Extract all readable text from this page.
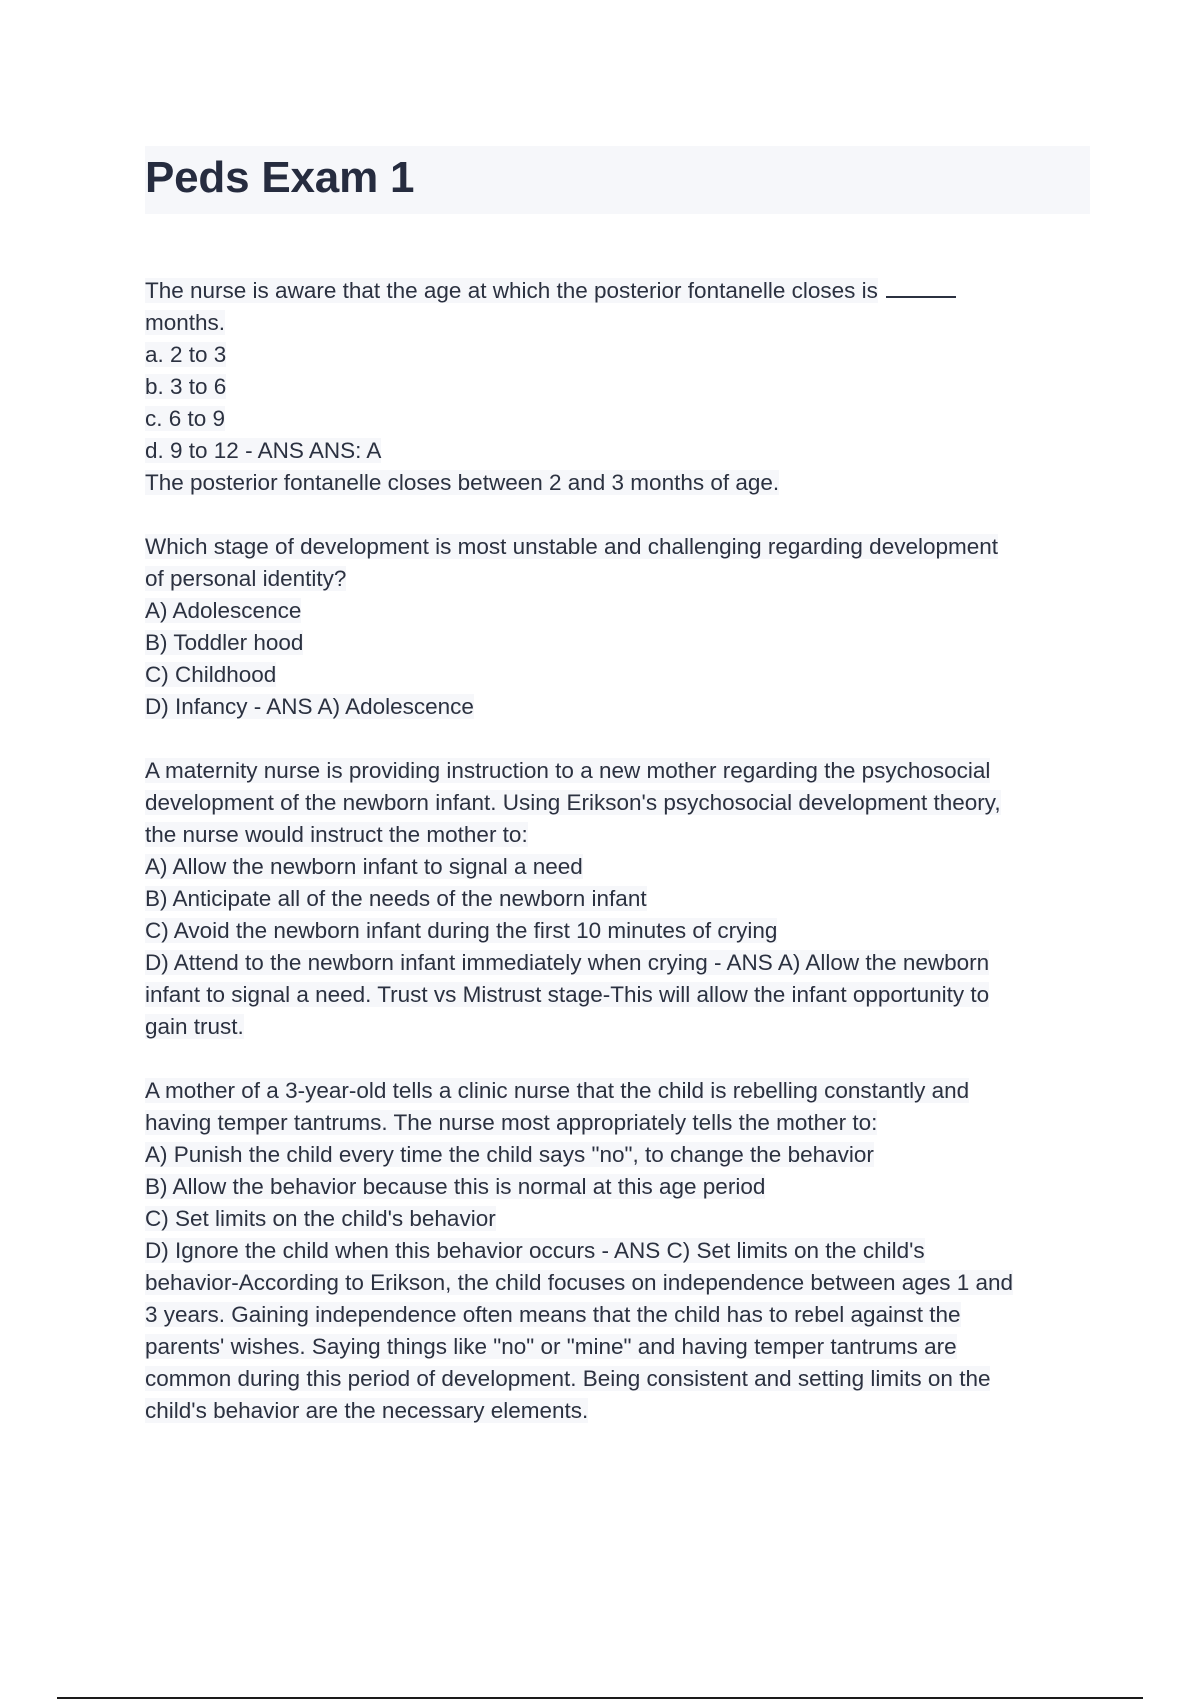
Peds Exam 1
The nurse is aware that the age at which the posterior fontanelle closes is
months.
a. 2 to 3
b. 3 to 6
c. 6 to 9
d. 9 to 12 - ANS ANS: A
The posterior fontanelle closes between 2 and 3 months of age.
Which stage of development is most unstable and challenging regarding development
of personal identity?
A) Adolescence
B) Toddler hood
C) Childhood
D) Infancy - ANS A) Adolescence
A maternity nurse is providing instruction to a new mother regarding the psychosocial
development of the newborn infant. Using Erikson's psychosocial development theory,
the nurse would instruct the mother to:
A) Allow the newborn infant to signal a need
B) Anticipate all of the needs of the newborn infant
C) Avoid the newborn infant during the first 10 minutes of crying
D) Attend to the newborn infant immediately when crying - ANS A) Allow the newborn
infant to signal a need. Trust vs Mistrust stage-This will allow the infant opportunity to
gain trust.
A mother of a 3-year-old tells a clinic nurse that the child is rebelling constantly and
having temper tantrums. The nurse most appropriately tells the mother to:
A) Punish the child every time the child says "no", to change the behavior
B) Allow the behavior because this is normal at this age period
C) Set limits on the child's behavior
D) Ignore the child when this behavior occurs - ANS C) Set limits on the child's
behavior-According to Erikson, the child focuses on independence between ages 1 and
3 years. Gaining independence often means that the child has to rebel against the
parents' wishes. Saying things like "no" or "mine" and having temper tantrums are
common during this period of development. Being consistent and setting limits on the
child's behavior are the necessary elements.
